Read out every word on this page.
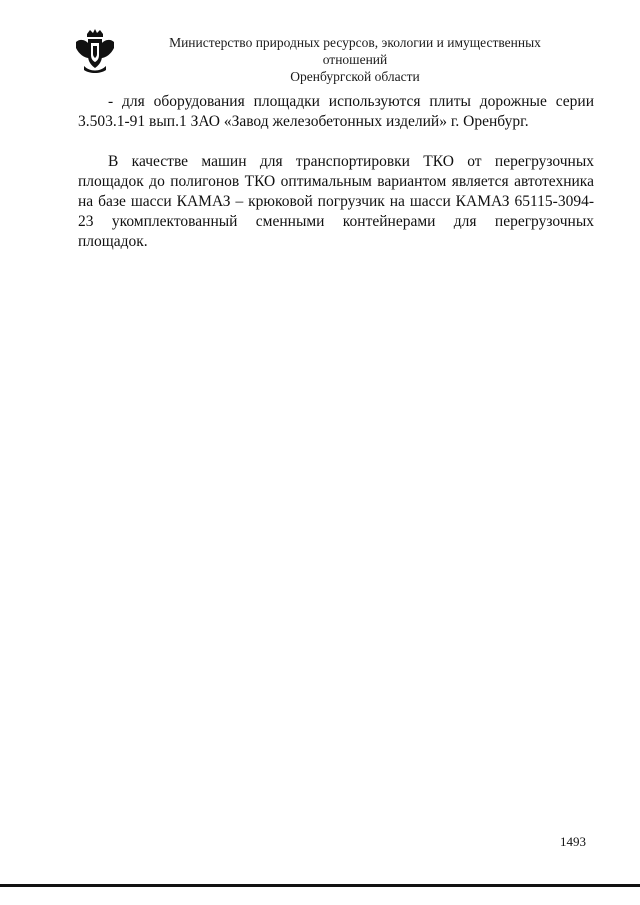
Министерство природных ресурсов, экологии и имущественных отношений
Оренбургской области

- для оборудования площадки используются плиты дорожные серии 3.503.1-91 вып.1 ЗАО «Завод железобетонных изделий» г. Оренбург.

В качестве машин для транспортировки ТКО от перегрузочных площадок до полигонов ТКО оптимальным вариантом является автотехника на базе шасси КАМАЗ – крюковой погрузчик на шасси КАМАЗ 65115-3094-23 укомплектованный сменными контейнерами для перегрузочных площадок.

1493
